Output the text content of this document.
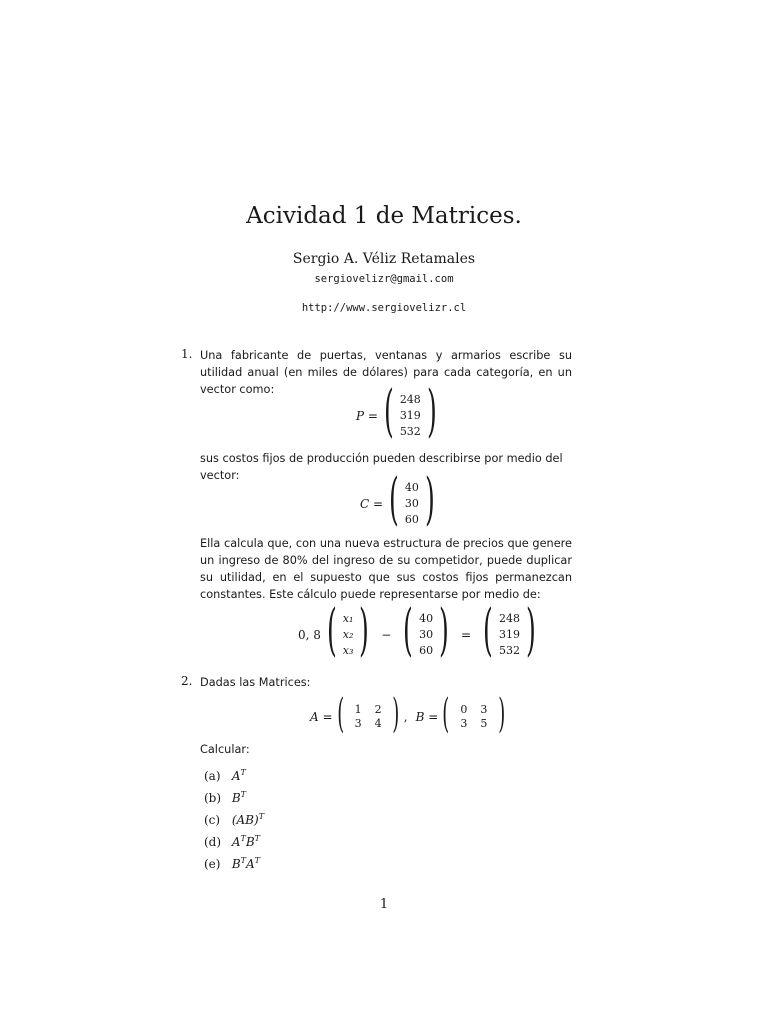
Acividad 1 de Matrices.
Sergio A. Véliz Retamales
sergiovelizr@gmail.com
http://www.sergiovelizr.cl
1. Una fabricante de puertas, ventanas y armarios escribe su utilidad anual (en miles de dólares) para cada categoría, en un vector como:
P = ( 248
319
532 )
sus costos fijos de producción pueden describirse por medio del vector:
C = ( 40
30
60 )
Ella calcula que, con una nueva estructura de precios que genere un ingreso de 80% del ingreso de su competidor, puede duplicar su utilidad, en el supuesto que sus costos fijos permanezcan constantes. Este cálculo puede representarse por medio de:
0, 8 ( x₁
x₂
x₃ ) − ( 40
30
60 ) = ( 248
319
532 )
2. Dadas las Matrices:
A = ( 1	2
3	4 ) , B = ( 0	3
3	5 )
Calcular:
(a) $A^T$
(b) $B^T$
(c) (AB)$^T$
(d) $A^TB^T$
(e) $B^TA^T$
1
